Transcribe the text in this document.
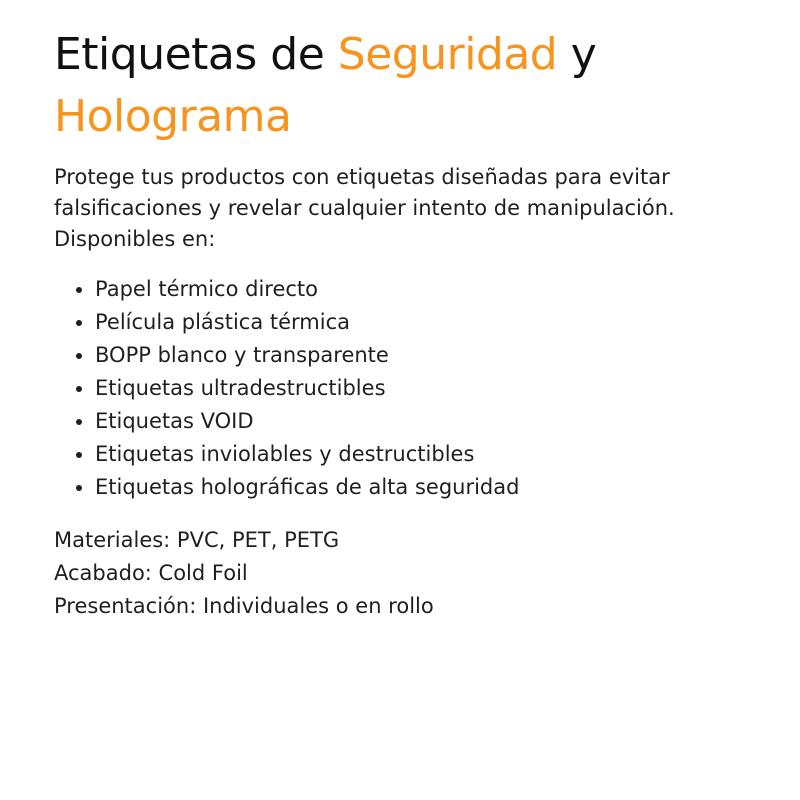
Etiquetas de Seguridad y
Holograma

Protege tus productos con etiquetas diseñadas para evitar falsificaciones y revelar cualquier intento de manipulación.

Disponibles en:

• Papel térmico directo
• Película plástica térmica
• BOPP blanco y transparente
• Etiquetas ultradestructibles
• Etiquetas VOID
• Etiquetas inviolables y destructibles
• Etiquetas holográficas de alta seguridad

Materiales: PVC, PET, PETG

Acabado: Cold Foil

Presentación: Individuales o en rollo
